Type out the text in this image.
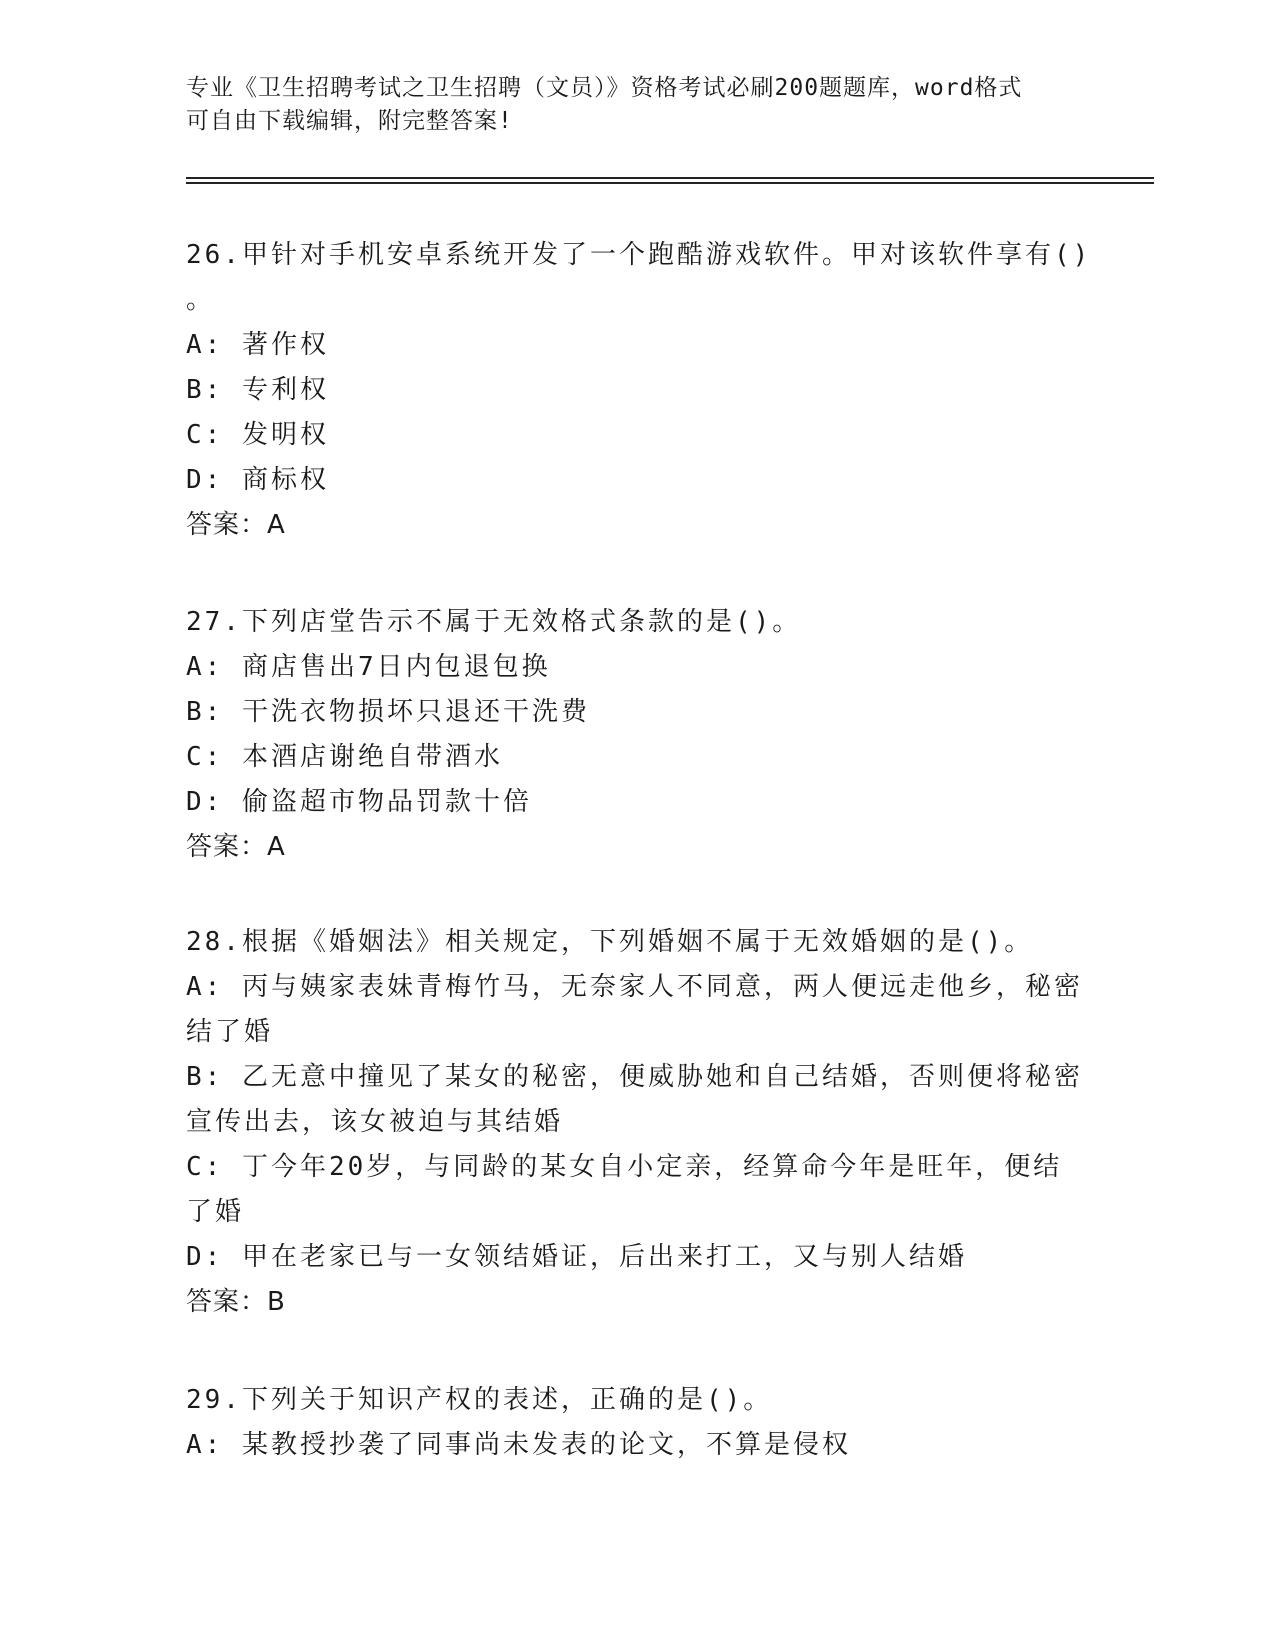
专业《卫生招聘考试之卫生招聘（文员）》资格考试必刷200题题库，word格式
可自由下载编辑，附完整答案!
26.甲针对手机安卓系统开发了一个跑酷游戏软件。甲对该软件享有()
。
A: 著作权
B: 专利权
C: 发明权
D: 商标权
答案：A
27.下列店堂告示不属于无效格式条款的是()。
A: 商店售出7日内包退包换
B: 干洗衣物损坏只退还干洗费
C: 本酒店谢绝自带酒水
D: 偷盗超市物品罚款十倍
答案：A
28.根据《婚姻法》相关规定，下列婚姻不属于无效婚姻的是()。
A: 丙与姨家表妹青梅竹马，无奈家人不同意，两人便远走他乡，秘密
结了婚
B: 乙无意中撞见了某女的秘密，便威胁她和自己结婚，否则便将秘密
宣传出去，该女被迫与其结婚
C: 丁今年20岁，与同龄的某女自小定亲，经算命今年是旺年，便结
了婚
D: 甲在老家已与一女领结婚证，后出来打工，又与别人结婚
答案：B
29.下列关于知识产权的表述，正确的是()。
A: 某教授抄袭了同事尚未发表的论文，不算是侵权
